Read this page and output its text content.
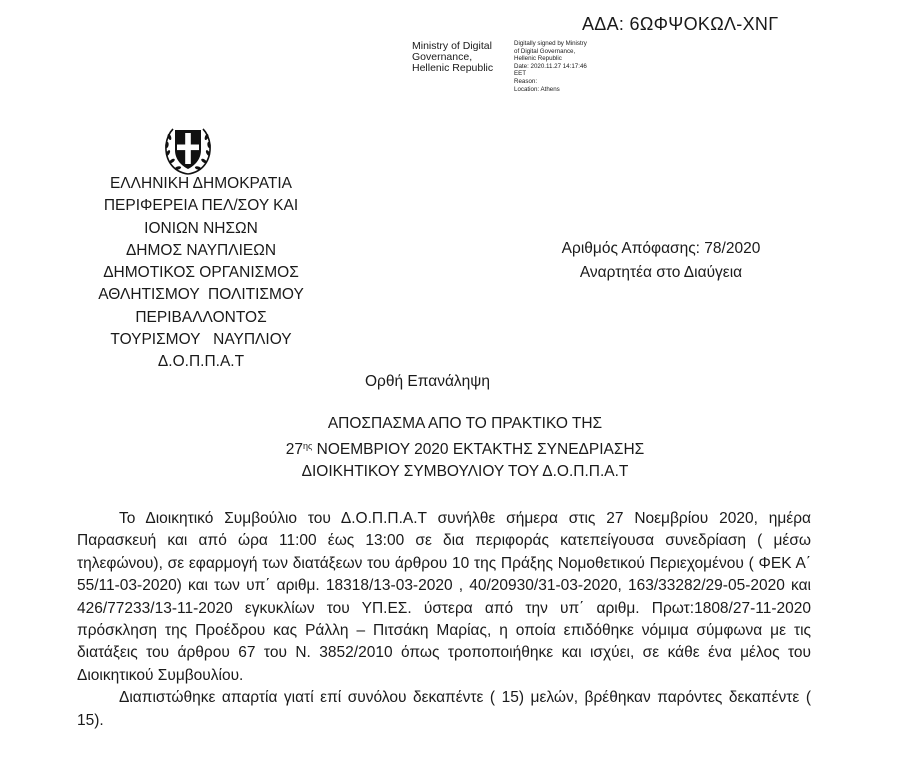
ΑΔΑ: 6ΩΦΨΟΚΩΛ-ΧΝΓ
Ministry of Digital
Governance,
Hellenic Republic
Digitally signed by Ministry
of Digital Governance,
Hellenic Republic
Date: 2020.11.27 14:17:46
EET
Reason:
Location: Athens
ΕΛΛΗΝΙΚΗ ΔΗΜΟΚΡΑΤΙΑ
ΠΕΡΙΦΕΡΕΙΑ ΠΕΛ/ΣΟΥ ΚΑΙ
ΙΟΝΙΩΝ ΝΗΣΩΝ
ΔΗΜΟΣ ΝΑΥΠΛΙΕΩΝ
ΔΗΜΟΤΙΚΟΣ ΟΡΓΑΝΙΣΜΟΣ
ΑΘΛΗΤΙΣΜΟΥ  ΠΟΛΙΤΙΣΜΟΥ
ΠΕΡΙΒΑΛΛΟΝΤΟΣ
ΤΟΥΡΙΣΜΟΥ   ΝΑΥΠΛΙΟΥ
Δ.Ο.Π.Π.Α.Τ
Αριθμός Απόφασης: 78/2020
Αναρτητέα στο Διαύγεια
Ορθή Επανάληψη
ΑΠΟΣΠΑΣΜΑ ΑΠΟ ΤΟ ΠΡΑΚΤΙΚΟ ΤΗΣ
$27^{\eta\varsigma}$ ΝΟΕΜΒΡΙΟΥ 2020 ΕΚΤΑΚΤΗΣ ΣΥΝΕΔΡΙΑΣΗΣ
ΔΙΟΙΚΗΤΙΚΟΥ ΣΥΜΒΟΥΛΙΟΥ ΤΟΥ Δ.Ο.Π.Π.Α.Τ

Το Διοικητικό Συμβούλιο του Δ.Ο.Π.Π.Α.Τ συνήλθε σήμερα στις 27 Νοεμβρίου 2020, ημέρα Παρασκευή και από ώρα 11:00 έως 13:00 σε δια περιφοράς κατεπείγουσα συνεδρίαση ( μέσω τηλεφώνου), σε εφαρμογή των διατάξεων του άρθρου 10 της Πράξης Νομοθετικού Περιεχομένου ( ΦΕΚ Α΄ 55/11-03-2020) και των υπ΄ αριθμ. 18318/13-03-2020 , 40/20930/31-03-2020, 163/33282/29-05-2020 και 426/77233/13-11-2020 εγκυκλίων του ΥΠ.ΕΣ. ύστερα από την υπ΄ αριθμ. Πρωτ:1808/27-11-2020 πρόσκληση της Προέδρου κας Ράλλη – Πιτσάκη Μαρίας, η οποία επιδόθηκε νόμιμα σύμφωνα με τις διατάξεις του άρθρου 67 του Ν. 3852/2010 όπως τροποποιήθηκε και ισχύει, σε κάθε ένα μέλος του Διοικητικού Συμβουλίου.

Διαπιστώθηκε απαρτία γιατί επί συνόλου δεκαπέντε ( 15) μελών, βρέθηκαν παρόντες δεκαπέντε ( 15).
